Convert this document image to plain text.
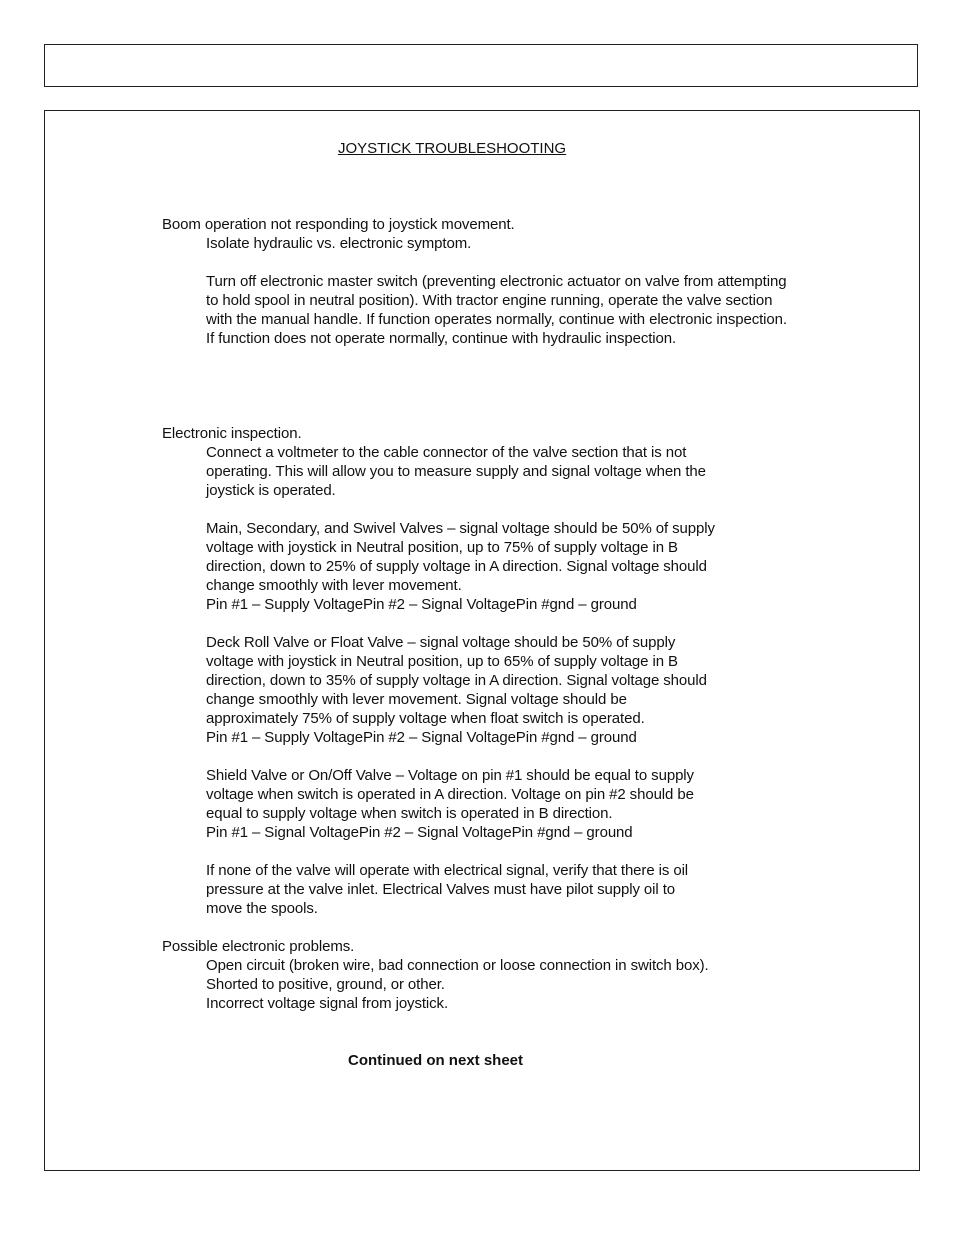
JOYSTICK TROUBLESHOOTING
Boom operation not responding to joystick movement.
Isolate hydraulic vs. electronic symptom.
Turn off electronic master switch (preventing electronic actuator on valve from attempting
to hold spool in neutral position). With tractor engine running, operate the valve section
with the manual handle. If function operates normally, continue with electronic inspection.
If function does not operate normally, continue with hydraulic inspection.
Electronic inspection.
Connect a voltmeter to the cable connector of the valve section that is not
operating. This will allow you to measure supply and signal voltage when the
joystick is operated.
Main, Secondary, and Swivel Valves – signal voltage should be 50% of supply
voltage with joystick in Neutral position, up to 75% of supply voltage in B
direction, down to 25% of supply voltage in A direction. Signal voltage should
change smoothly with lever movement.
Pin #1 – Supply VoltagePin #2 – Signal VoltagePin #gnd – ground
Deck Roll Valve or Float Valve – signal voltage should be 50% of supply
voltage with joystick in Neutral position, up to 65% of supply voltage in B
direction, down to 35% of supply voltage in A direction. Signal voltage should
change smoothly with lever movement. Signal voltage should be
approximately 75% of supply voltage when float switch is operated.
Pin #1 – Supply VoltagePin #2 – Signal VoltagePin #gnd – ground
Shield Valve or On/Off Valve – Voltage on pin #1 should be equal to supply
voltage when switch is operated in A direction. Voltage on pin #2 should be
equal to supply voltage when switch is operated in B direction.
Pin #1 – Signal VoltagePin #2 – Signal VoltagePin #gnd – ground
If none of the valve will operate with electrical signal, verify that there is oil
pressure at the valve inlet. Electrical Valves must have pilot supply oil to
move the spools.
Possible electronic problems.
Open circuit (broken wire, bad connection or loose connection in switch box).
Shorted to positive, ground, or other.
Incorrect voltage signal from joystick.
Continued on next sheet
